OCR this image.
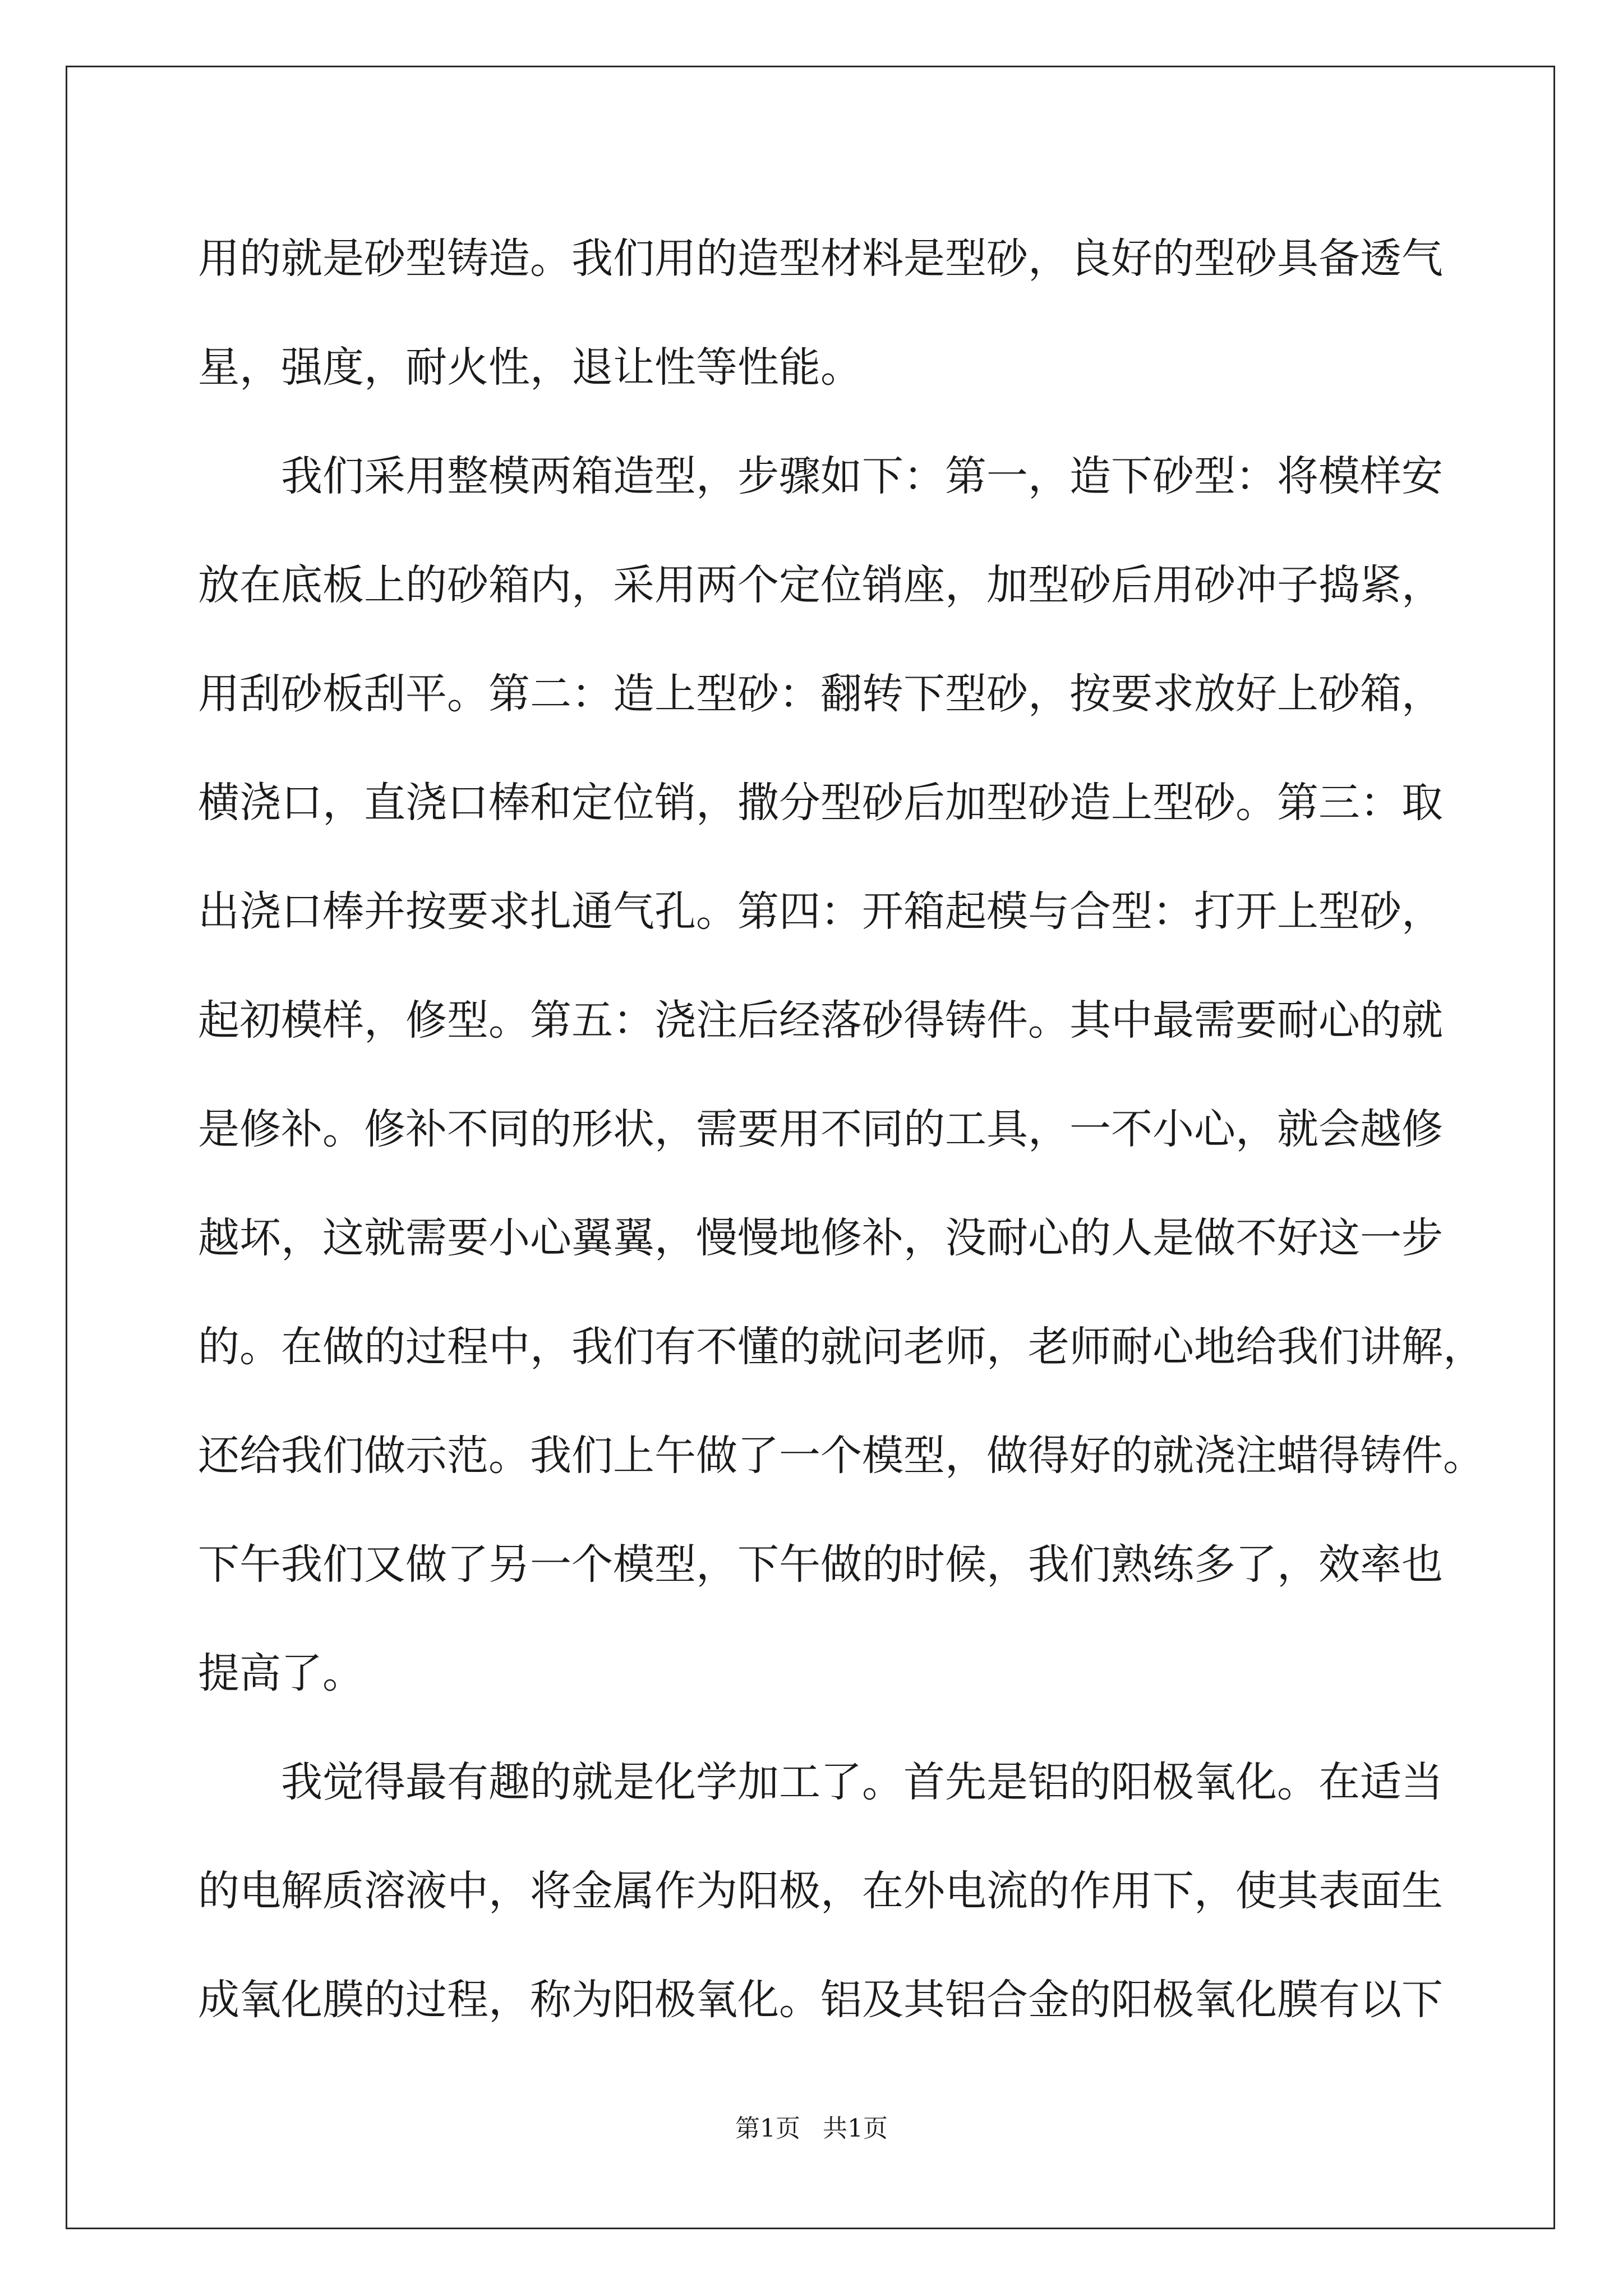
用的就是砂型铸造。我们用的造型材料是型砂，良好的型砂具备透气
星，强度，耐火性，退让性等性能。
我们采用整模两箱造型，步骤如下：第一，造下砂型：将模样安
放在底板上的砂箱内，采用两个定位销座，加型砂后用砂冲子捣紧，
用刮砂板刮平。第二：造上型砂：翻转下型砂，按要求放好上砂箱，
横浇口，直浇口棒和定位销，撒分型砂后加型砂造上型砂。第三：取
出浇口棒并按要求扎通气孔。第四：开箱起模与合型：打开上型砂，
起初模样，修型。第五：浇注后经落砂得铸件。其中最需要耐心的就
是修补。修补不同的形状，需要用不同的工具，一不小心，就会越修
越坏，这就需要小心翼翼，慢慢地修补，没耐心的人是做不好这一步
的。在做的过程中，我们有不懂的就问老师，老师耐心地给我们讲解，
还给我们做示范。我们上午做了一个模型，做得好的就浇注蜡得铸件。
下午我们又做了另一个模型，下午做的时候，我们熟练多了，效率也
提高了。
我觉得最有趣的就是化学加工了。首先是铝的阳极氧化。在适当
的电解质溶液中，将金属作为阳极，在外电流的作用下，使其表面生
成氧化膜的过程，称为阳极氧化。铝及其铝合金的阳极氧化膜有以下
第1页 共1页
